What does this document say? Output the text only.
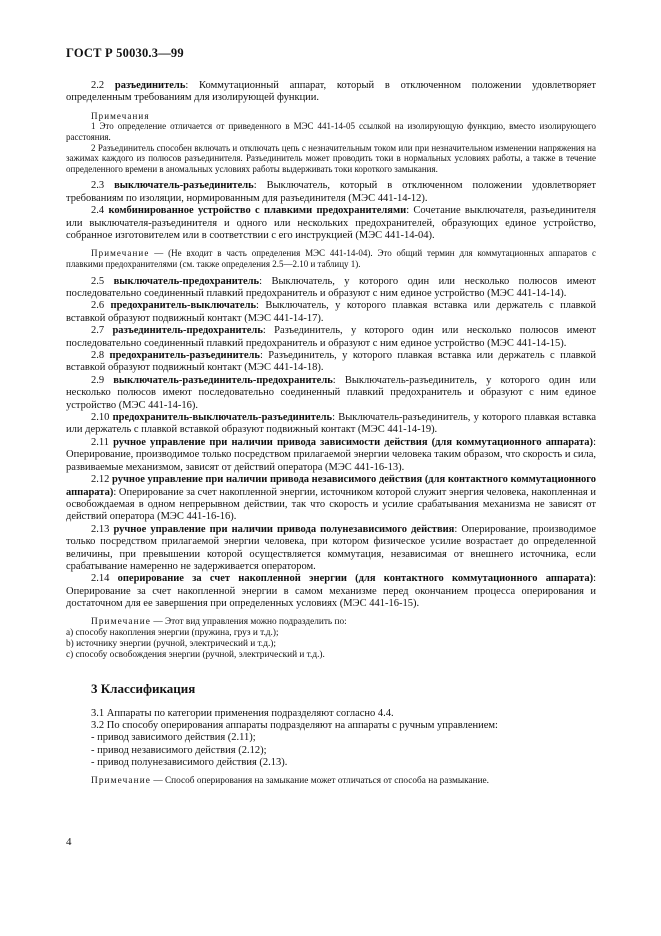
ГОСТ Р 50030.3—99

2.2 разъединитель: Коммутационный аппарат, который в отключенном положении удовлетворяет определенным требованиям для изолирующей функции.

Примечания

1 Это определение отличается от приведенного в МЭС 441-14-05 ссылкой на изолирующую функцию, вместо изолирующего расстояния.

2 Разъединитель способен включать и отключать цепь с незначительным током или при незначительном изменении напряжения на зажимах каждого из полюсов разъединителя. Разъединитель может проводить токи в нормальных условиях работы, а также в течение определенного времени в аномальных условиях работы выдерживать токи короткого замыкания.

2.3 выключатель-разъединитель: Выключатель, который в отключенном положении удовлетворяет требованиям по изоляции, нормированным для разъединителя (МЭС 441-14-12).

2.4 комбинированное устройство с плавкими предохранителями: Сочетание выключателя, разъединителя или выключателя-разъединителя и одного или нескольких предохранителей, образующих единое устройство, собранное изготовителем или в соответствии с его инструкцией (МЭС 441-14-04).

Примечание — (Не входит в часть определения МЭС 441-14-04). Это общий термин для коммутационных аппаратов с плавкими предохранителями (см. также определения 2.5—2.10 и таблицу 1).

2.5 выключатель-предохранитель: Выключатель, у которого один или несколько полюсов имеют последовательно соединенный плавкий предохранитель и образуют с ним единое устройство (МЭС 441-14-14).

2.6 предохранитель-выключатель: Выключатель, у которого плавкая вставка или держатель с плавкой вставкой образуют подвижный контакт (МЭС 441-14-17).

2.7 разъединитель-предохранитель: Разъединитель, у которого один или несколько полюсов имеют последовательно соединенный плавкий предохранитель и образуют с ним единое устройство (МЭС 441-14-15).

2.8 предохранитель-разъединитель: Разъединитель, у которого плавкая вставка или держатель с плавкой вставкой образуют подвижный контакт (МЭС 441-14-18).

2.9 выключатель-разъединитель-предохранитель: Выключатель-разъединитель, у которого один или несколько полюсов имеют последовательно соединенный плавкий предохранитель и образуют с ним единое устройство (МЭС 441-14-16).

2.10 предохранитель-выключатель-разъединитель: Выключатель-разъединитель, у которого плавкая вставка или держатель с плавкой вставкой образуют подвижный контакт (МЭС 441-14-19).

2.11 ручное управление при наличии привода зависимости действия (для коммутационного аппарата): Оперирование, производимое только посредством прилагаемой энергии человека таким образом, что скорость и сила, развиваемые механизмом, зависят от действий оператора (МЭС 441-16-13).

2.12 ручное управление при наличии привода независимого действия (для контактного коммутационного аппарата): Оперирование за счет накопленной энергии, источником которой служит энергия человека, накопленная и освобождаемая в одном непрерывном действии, так что скорость и усилие срабатывания механизма не зависят от действий оператора (МЭС 441-16-16).

2.13 ручное управление при наличии привода полунезависимого действия: Оперирование, производимое только посредством прилагаемой энергии человека, при котором физическое усилие возрастает до определенной величины, при превышении которой осуществляется коммутация, независимая от внешнего источника, если срабатывание намеренно не задерживается оператором.

2.14 оперирование за счет накопленной энергии (для контактного коммутационного аппарата): Оперирование за счет накопленной энергии в самом механизме перед окончанием процесса оперирования и достаточном для ее завершения при определенных условиях (МЭС 441-16-15).

Примечание — Этот вид управления можно подразделить по:

а) способу накопления энергии (пружина, груз и т.д.);

b) источнику энергии (ручной, электрический и т.д.);

с) способу освобождения энергии (ручной, электрический и т.д.).

3 Классификация

3.1 Аппараты по категории применения подразделяют согласно 4.4.

3.2 По способу оперирования аппараты подразделяют на аппараты с ручным управлением:

- привод зависимого действия (2.11);

- привод независимого действия (2.12);

- привод полунезависимого действия (2.13).

Примечание — Способ оперирования на замыкание может отличаться от способа на размыкание.

4
